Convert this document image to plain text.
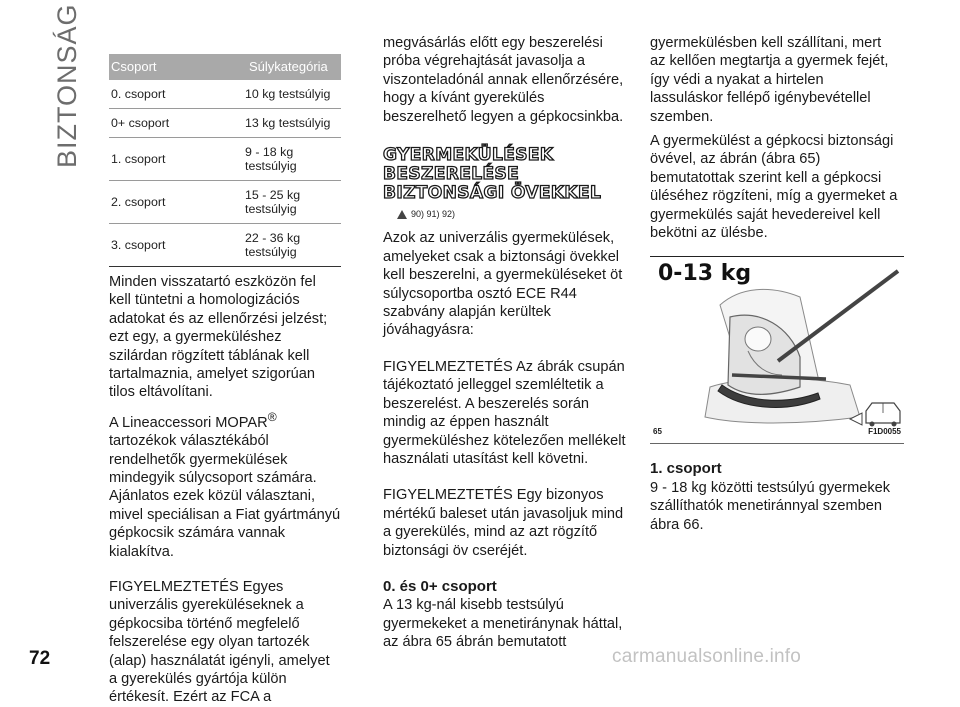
BIZTONSÁG Csoport	Súlykategória
0. csoport	10 kg testsúlyig
0+ csoport	13 kg testsúlyig
1. csoport	9 - 18 kg testsúlyig
2. csoport	15 - 25 kg testsúlyig
3. csoport	22 - 36 kg testsúlyig

Minden visszatartó eszközön fel kell tüntetni a homologizációs adatokat és az ellenőrzési jelzést; ezt egy, a gyermeküléshez szilárdan rögzített táblának kell tartalmaznia, amelyet szigorúan tilos eltávolítani.

A Lineaccessori MOPAR®
tartozékok választékából rendelhetők gyermekülések mindegyik súlycsoport számára. Ajánlatos ezek közül választani, mivel speciálisan a Fiat gyártmányú gépkocsik számára vannak kialakítva.

FIGYELMEZTETÉS Egyes univerzális gyereküléseknek a gépkocsiba történő megfelelő felszerelése egy olyan tartozék (alap) használatát igényli, amelyet a gyerekülés gyártója külön értékesít. Ezért az FCA a

megvásárlás előtt egy beszerelési próba végrehajtását javasolja a viszonteladónál annak ellenőrzésére, hogy a kívánt gyerekülés beszerelhető legyen a gépkocsinkba.

GYERMEKÜLÉSEK BESZERELÉSE BIZTONSÁGI ÖVEKKEL
90) 91) 92)

Azok az univerzális gyermekülések, amelyeket csak a biztonsági övekkel kell beszerelni, a gyermeküléseket öt súlycsoportba osztó ECE R44 szabvány alapján kerültek jóváhagyásra:

FIGYELMEZTETÉS Az ábrák csupán tájékoztató jelleggel szemléltetik a beszerelést. A beszerelés során mindig az éppen használt gyermeküléshez kötelezően mellékelt használati utasítást kell követni.

FIGYELMEZTETÉS Egy bizonyos mértékű baleset után javasoljuk mind a gyerekülés, mind az azt rögzítő biztonsági öv cseréjét.

0. és 0+ csoport

A 13 kg-nál kisebb testsúlyú gyermekeket a menetiránynak háttal, az ábra 65 ábrán bemutatott

gyermekülésben kell szállítani, mert az kellően megtartja a gyermek fejét, így védi a nyakat a hirtelen lassuláskor fellépő igénybevétellel szemben.

A gyermekülést a gépkocsi biztonsági övével, az ábrán (ábra 65) bemutatottak szerint kell a gépkocsi üléséhez rögzíteni, míg a gyermeket a gyermekülés saját hevedereivel kell bekötni az ülésbe.

0-13 kg
65	F1D0055

1. csoport

9 - 18 kg közötti testsúlyú gyermekek szállíthatók menetiránnyal szemben ábra 66.

72	carmanualsonline.info
